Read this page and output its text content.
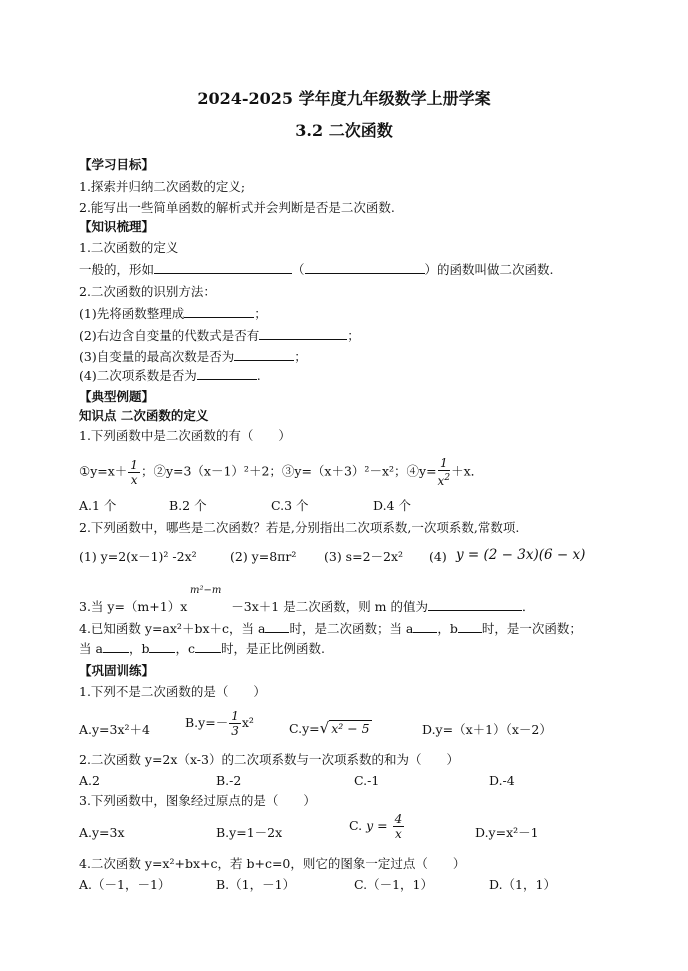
2024-2025 学年度九年级数学上册学案
3.2 二次函数
【学习目标】
1.探索并归纳二次函数的定义;
2.能写出一些简单函数的解析式并会判断是否是二次函数.
【知识梳理】
1.二次函数的定义
一般的，形如	（	）的函数叫做二次函数.
2.二次函数的识别方法：
(1)先将函数整理成	；
(2)右边含自变量的代数式是否有	；
(3)自变量的最高次数是否为	；
(4)二次项系数是否为	.
【典型例题】
知识点 二次函数的定义
1.下列函数中是二次函数的有（　　）
①y=x＋ $\frac{1}{x}$ ；②y=3（x－1）²＋2；③y=（x＋3）²－x²；④y= $\frac{1}{x^2} +x$．
A.1 个	B.2 个	C.3 个	D.4 个
2.下列函数中，哪些是二次函数？若是,分别指出二次项系数,一次项系数,常数项.
(1) y=2(x－1)² -2x²	(2) y=8πr² (3) s=2－2x² (4) y = (2 − 3x)(6 − x)
m²−m
3.当 y=（m+1）x	－3x＋1 是二次函数，则 m 的值为	．
4.已知函数 y=ax²＋bx＋c，当 a 时，是二次函数；当 a ，b 时，是一次函数；
当 a ，b ，c 时，是正比例函数.
【巩固训练】
1.下列不是二次函数的是（　　）
A.y=3x²＋4	$B.y=- \frac{1}{3} x^2$	C.y=√ x² − 5	D.y=（x＋1）（x－2）
2.二次函数 y=2x（x-3）的二次项系数与一次项系数的和为（　　）
A.2	B.-2	C.-1	D.-4
3.下列函数中，图象经过原点的是（　　）
A.y=3x	B.y=1－2x	C. $y = \frac{4}{x}$	D.y=x²－1
4.二次函数 y=x²+bx+c，若 b+c=0，则它的图象一定过点（　　）
A.（－1，－1）	B.（1，－1）	C.（－1，1）	D.（1，1）
